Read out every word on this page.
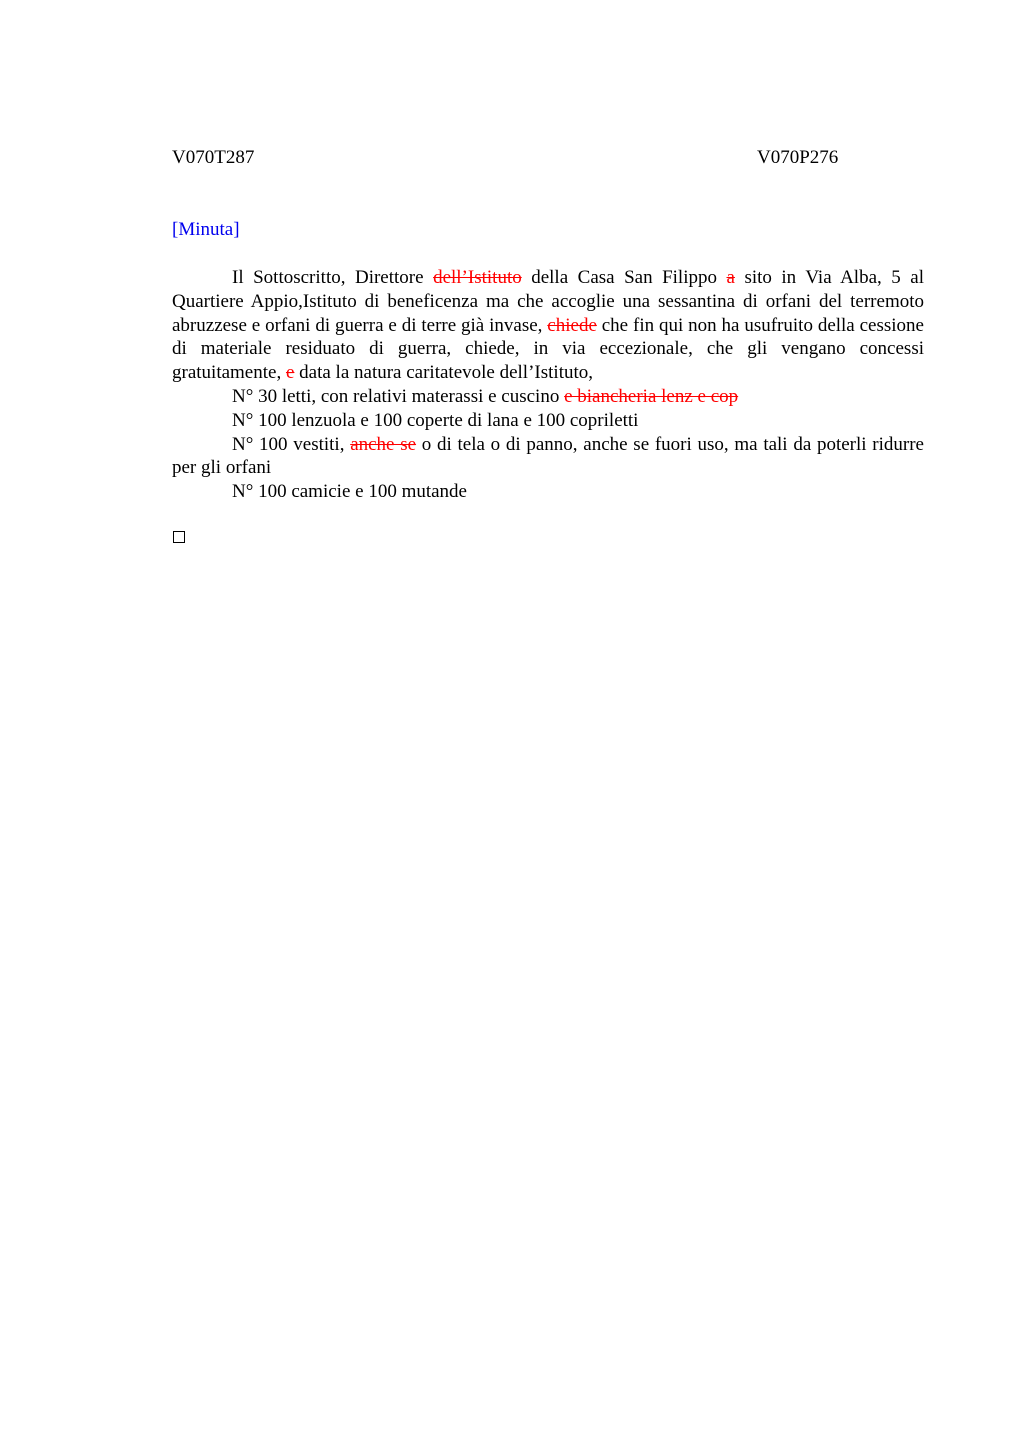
V070T287	V070P276
[Minuta]

Il Sottoscritto, Direttore dell’Istituto della Casa San Filippo a sito in Via Alba, 5 al Quartiere Appio,Istituto di beneficenza ma che accoglie una sessantina di orfani del terremoto abruzzese e orfani di guerra e di terre già invase, chiede che fin qui non ha usufruito della cessione di materiale residuato di guerra, chiede, in via eccezionale, che gli vengano concessi gratuitamente, e data la natura caritatevole dell’Istituto,

N° 30 letti, con relativi materassi e cuscino e biancheria lenz e cop

N° 100 lenzuola e 100 coperte di lana e 100 copriletti

N° 100 vestiti, anche se o di tela o di panno, anche se fuori uso, ma tali da poterli ridurre per gli orfani

N° 100 camicie e 100 mutande
